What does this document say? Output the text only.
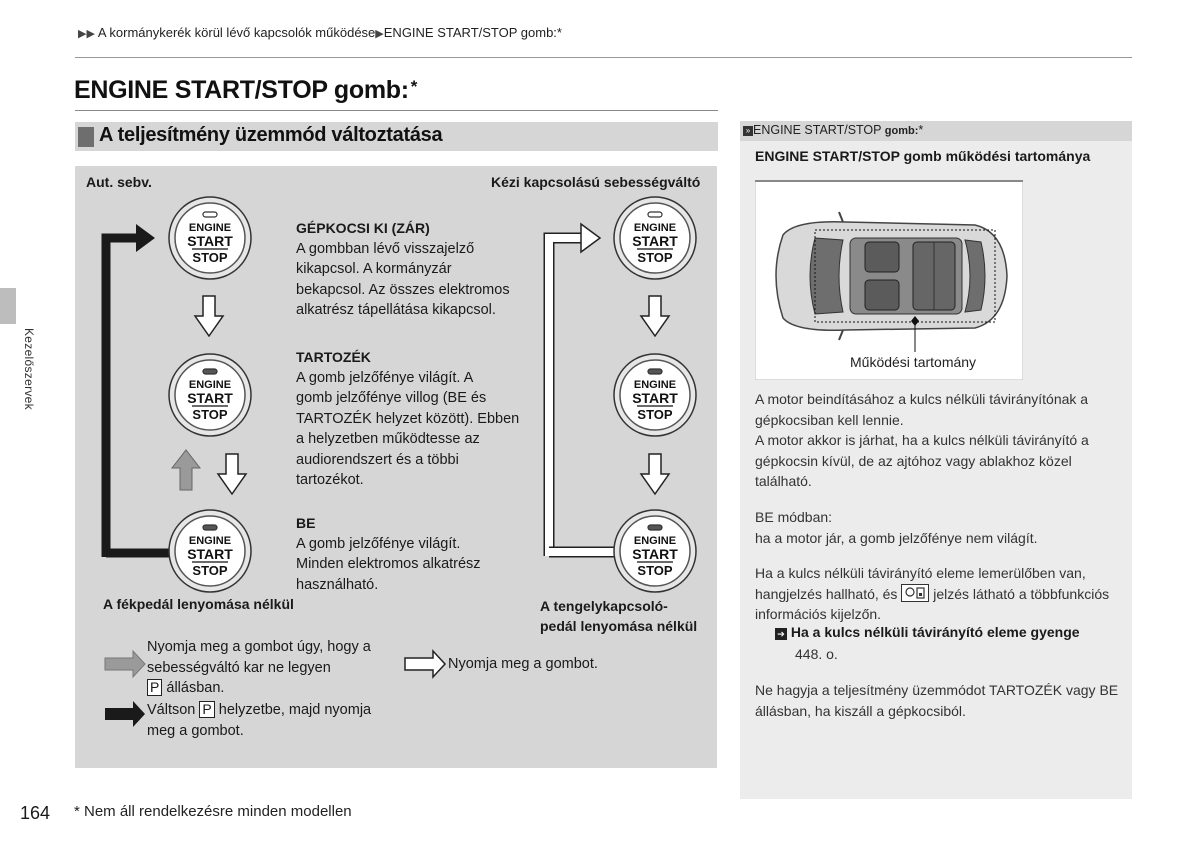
▶▶ A kormánykerék körül lévő kapcsolók működése▶ENGINE START/STOP gomb:*
ENGINE START/STOP gomb: *
Kezelőszervek
A teljesítmény üzemmód változtatása
Aut. sebv.	Kézi kapcsolású sebességváltó
ENGINE
START
STOP
ENGINE
START
STOP
ENGINE
START
STOP
ENGINE
START
STOP
ENGINE
START
STOP
ENGINE
START
STOP
GÉPKOCSI KI (ZÁR)
A gombban lévő visszajelző
kikapcsol. A kormányzár
bekapcsol. Az összes elektromos
alkatrész tápellátása kikapcsol.
TARTOZÉK
A gomb jelzőfénye világít. A
gomb jelzőfénye villog (BE és
TARTOZÉK helyzet között). Ebben
a helyzetben működtesse az
audiorendszert és a többi
tartozékot.
BE
A gomb jelzőfénye világít.
Minden elektromos alkatrész
használható.
A fékpedál lenyomása nélkül	A tengelykapcsoló-
pedál lenyomása nélkül
Nyomja meg a gombot úgy, hogy a
sebességváltó kar ne legyen
P állásban.
Váltson P helyzetbe, majd nyomja
meg a gombot.
Nyomja meg a gombot.
» ENGINE START/STOP gomb:*
ENGINE START/STOP gomb működési tartománya
Működési tartomány
A motor beindításához a kulcs nélküli távirányítónak a
gépkocsiban kell lennie.
A motor akkor is járhat, ha a kulcs nélküli távirányító a
gépkocsin kívül, de az ajtóhoz vagy ablakhoz közel
található.
BE módban:
ha a motor jár, a gomb jelzőfénye nem világít.
Ha a kulcs nélküli távirányító eleme lemerülőben van,
hangjelzés hallható, és	jelzés látható a többfunkciós
információs kijelzőn.
➔ Ha a kulcs nélküli távirányító eleme gyenge
448. o.
Ne hagyja a teljesítmény üzemmódot TARTOZÉK vagy BE
állásban, ha kiszáll a gépkocsiból.
164 * Nem áll rendelkezésre minden modellen
